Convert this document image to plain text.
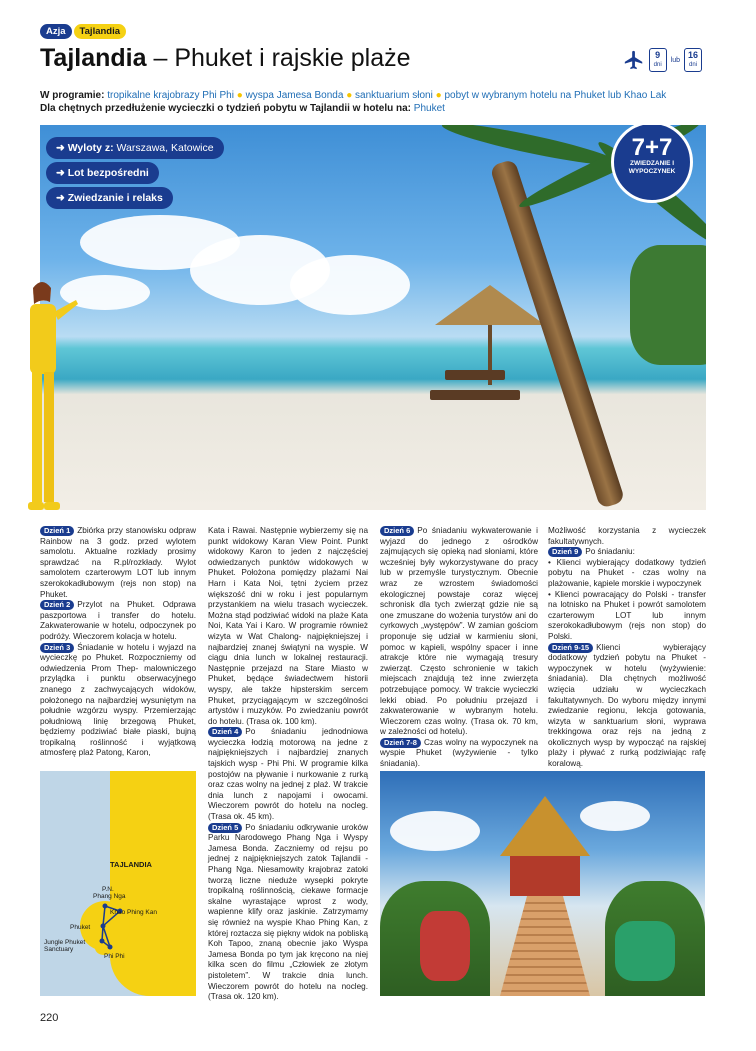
Azja	Tajlandia
Tajlandia – Phuket i rajskie plaże	9
dni
lub 16
dni
W programie: tropikalne krajobrazy Phi Phi ● wyspa Jamesa Bonda ● sanktuarium słoni ● pobyt w wybranym hotelu na Phuket lub Khao Lak
Dla chętnych przedłużenie wycieczki o tydzień pobytu w Tajlandii w hotelu na: Phuket
➜ Wyloty z: Warszawa, Katowice
➜ Lot bezpośredni
➜ Zwiedzanie i relaks
7+7
ZWIEDZANIE I WYPOCZYNEK

Dzień 1 Zbiórka przy stanowisku odpraw Rainbow na 3 godz. przed wylotem samolotu. Aktualne rozkłady prosimy sprawdzać na R.pl/rozkłady. Wylot samolotem czarterowym LOT lub innym szerokokadłubowym (rejs non stop) na Phuket.

Dzień 2 Przylot na Phuket. Odprawa paszportowa i transfer do hotelu. Zakwaterowanie w hotelu, odpoczynek po podróży. Wieczorem kolacja w hotelu.

Dzień 3 Śniadanie w hotelu i wyjazd na wycieczkę po Phuket. Rozpoczniemy od odwiedzenia Prom Thep- malowniczego przylądka i punktu obserwacyjnego znanego z zachwycających widoków, położonego na najbardziej wysuniętym na południe wzgórzu wyspy. Przemierzając południową linię brzegową Phuket, będziemy podziwiać białe piaski, bujną tropikalną roślinność i wyjątkową atmosferę plaż Patong, Karon,

Kata i Rawai. Następnie wybierzemy się na punkt widokowy Karan View Point. Punkt widokowy Karon to jeden z najczęściej odwiedzanych punktów widokowych w Phuket. Położona pomiędzy plażami Nai Harn i Kata Noi, tętni życiem przez większość dni w roku i jest popularnym przystankiem na wielu trasach wycieczek. Można stąd podziwiać widoki na plaże Kata Noi, Kata Yai i Karo. W programie również wizyta w Wat Chalong- najpiękniejszej i najbardziej znanej świątyni na wyspie. W ciągu dnia lunch w lokalnej restauracji. Następnie przejazd na Stare Miasto w Phuket, będące świadectwem historii wyspy, ale także hipsterskim sercem Phuket, przyciągającym w szczególności artystów i muzyków. Po zwiedzaniu powrót do hotelu. (Trasa ok. 100 km).

Dzień 4 Po śniadaniu jednodniowa wycieczka łodzią motorową na jedne z najpiękniejszych i najbardziej znanych tajskich wysp - Phi Phi. W programie kilka postojów na pływanie i nurkowanie z rurką oraz czas wolny na jednej z plaż. W trakcie dnia lunch z napojami i owocami. Wieczorem powrót do hotelu na nocleg. (Trasa ok. 45 km).

Dzień 5 Po śniadaniu odkrywanie uroków Parku Narodowego Phang Nga i Wyspy Jamesa Bonda. Zaczniemy od rejsu po jednej z najpiękniejszych zatok Tajlandii - Phang Nga. Niesamowity krajobraz zatoki tworzą liczne niedużе wysepki pokryte tropikalną roślinnością, ciekawe formacje skalne wyrastające wprost z wody, wapienne klify oraz jaskinie. Zatrzymamy się również na wyspie Khao Phing Kan, z której roztacza się piękny widok na pobliską Koh Tapoo, znaną obecnie jako Wyspa Jamesa Bonda po tym jak kręcono na niej kilka scen do filmu „Człowiek ze złotym pistoletem”. W trakcie dnia lunch. Wieczorem powrót do hotelu na nocleg. (Trasa ok. 120 km).

Dzień 6 Po śniadaniu wykwaterowanie i wyjazd do jednego z ośrodków zajmujących się opieką nad słoniami, które wcześniej były wykorzystywane do pracy lub w przemyśle turystycznym. Obecnie wraz ze wzrostem świadomości ekologicznej powstaje coraz więcej schronisk dla tych zwierząt gdzie nie są one zmuszane do wożenia turystów ani do cyrkowych „występów”. W zamian gościom proponuje się udział w karmieniu słoni, pomoc w kąpieli, wspólny spacer i inne atrakcje które nie wymagają tresury zwierząt. Często schronienie w takich miejscach znajdują też inne zwierzęta potrzebujące pomocy. W trakcie wycieczki lekki obiad. Po południu przejazd i zakwaterowanie w wybranym hotelu. Wieczorem czas wolny. (Trasa ok. 70 km, w zależności od hotelu).

Dzień 7-8 Czas wolny na wypoczynek na wyspie Phuket (wyżywienie - tylko śniadania).

Możliwość korzystania z wycieczek fakultatywnych.

Dzień 9 Po śniadaniu:

• Klienci wybierający dodatkowy tydzień pobytu na Phuket - czas wolny na plażowanie, kąpiele morskie i wypoczynek
• Klienci powracający do Polski - transfer na lotnisko na Phuket i powrót samolotem czarterowym LOT lub innym szerokokadłubowym (rejs non stop) do Polski.

Dzień 9-15 Klienci wybierający dodatkowy tydzień pobytu na Phuket - wypoczynek w hotelu (wyżywienie: śniadania). Dla chętnych możliwość wzięcia udziału w wycieczkach fakultatywnych. Do wyboru między innymi zwiedzanie regionu, lekcja gotowania, wizyta w sanktuarium słoni, wyprawa trekkingowa oraz rejs na jedną z okolicznych wysp by wypocząć na rajskiej plaży i pływać z rurką podziwiając rafę koralową.

TAJLANDIA
P.N.
Phang Nga
Khao Phing Kan
Phuket
Jungle Phuket Sanctuary
Phi Phi
220
